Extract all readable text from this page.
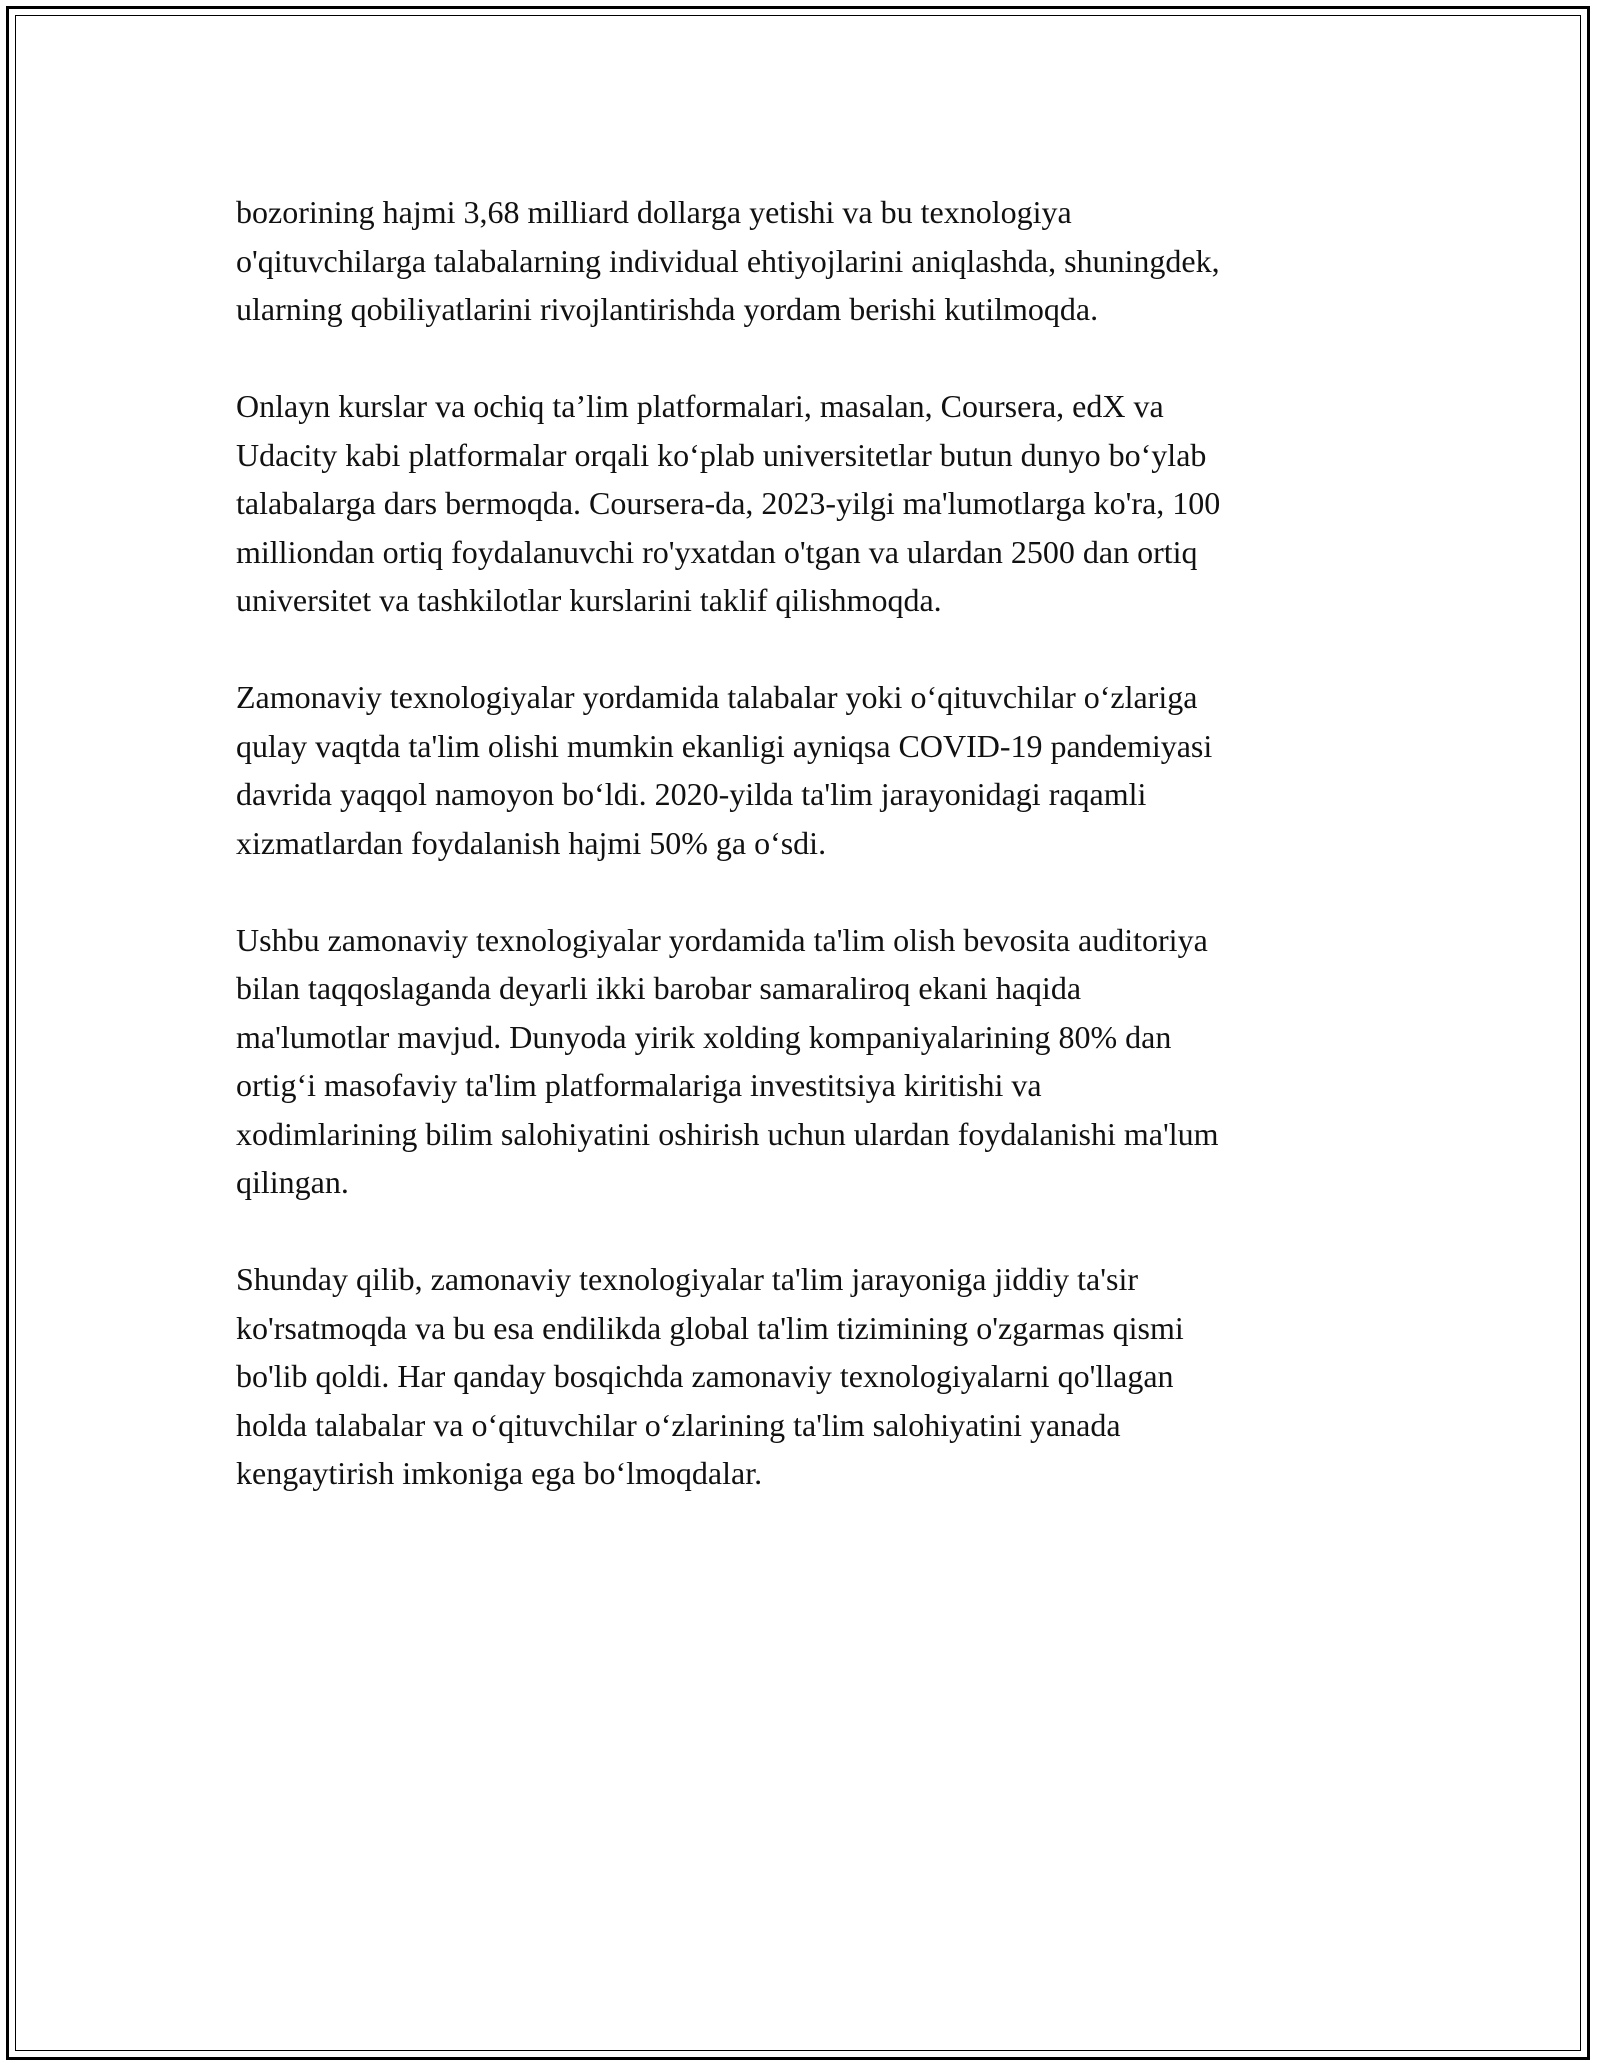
bozorining hajmi 3,68 milliard dollarga yetishi va bu texnologiya
o'qituvchilarga talabalarning individual ehtiyojlarini aniqlashda, shuningdek,
ularning qobiliyatlarini rivojlantirishda yordam berishi kutilmoqda.

Onlayn kurslar va ochiq ta’lim platformalari, masalan, Coursera, edX va
Udacity kabi platformalar orqali ko‘plab universitetlar butun dunyo bo‘ylab
talabalarga dars bermoqda. Coursera-da, 2023-yilgi ma'lumotlarga ko'ra, 100
milliondan ortiq foydalanuvchi ro'yxatdan o'tgan va ulardan 2500 dan ortiq
universitet va tashkilotlar kurslarini taklif qilishmoqda.

Zamonaviy texnologiyalar yordamida talabalar yoki o‘qituvchilar o‘zlariga
qulay vaqtda ta'lim olishi mumkin ekanligi ayniqsa COVID-19 pandemiyasi
davrida yaqqol namoyon bo‘ldi. 2020-yilda ta'lim jarayonidagi raqamli
xizmatlardan foydalanish hajmi 50% ga o‘sdi.

Ushbu zamonaviy texnologiyalar yordamida ta'lim olish bevosita auditoriya
bilan taqqoslaganda deyarli ikki barobar samaraliroq ekani haqida
ma'lumotlar mavjud. Dunyoda yirik xolding kompaniyalarining 80% dan
ortig‘i masofaviy ta'lim platformalariga investitsiya kiritishi va
xodimlarining bilim salohiyatini oshirish uchun ulardan foydalanishi ma'lum
qilingan.

Shunday qilib, zamonaviy texnologiyalar ta'lim jarayoniga jiddiy ta'sir
ko'rsatmoqda va bu esa endilikda global ta'lim tizimining o'zgarmas qismi
bo'lib qoldi. Har qanday bosqichda zamonaviy texnologiyalarni qo'llagan
holda talabalar va o‘qituvchilar o‘zlarining ta'lim salohiyatini yanada
kengaytirish imkoniga ega bo‘lmoqdalar.
